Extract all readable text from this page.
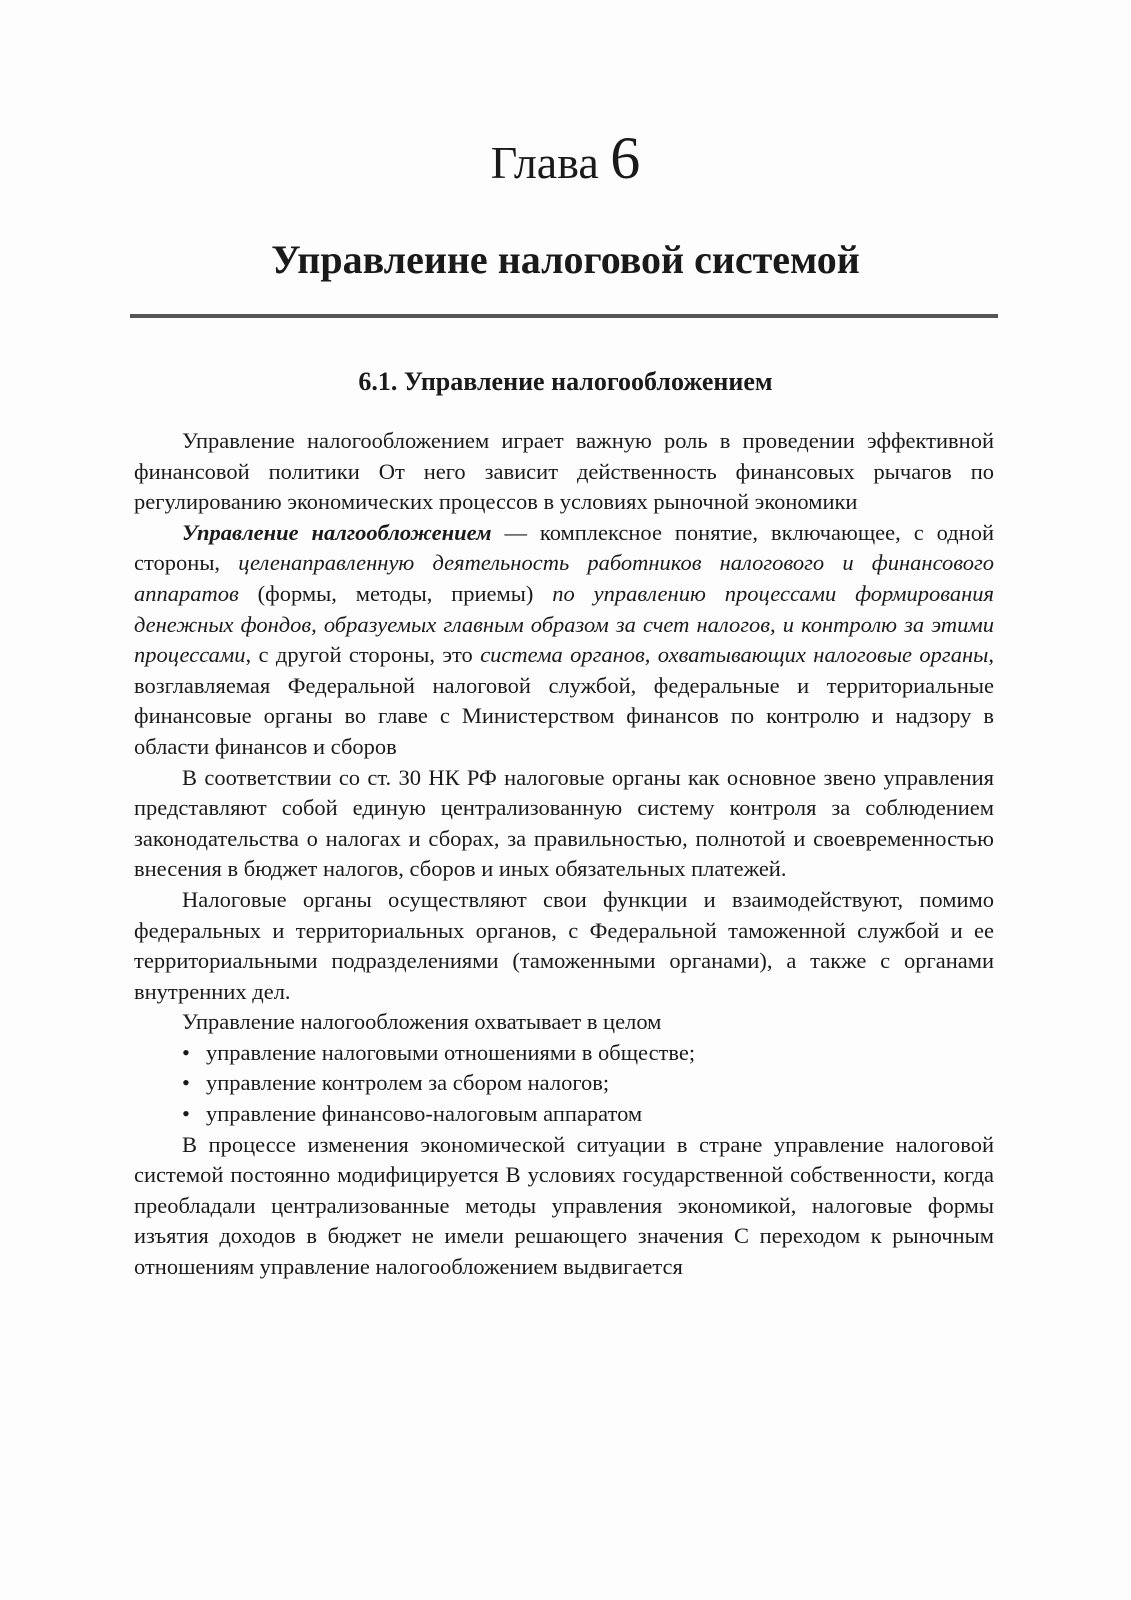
Глава 6
Управлеине налоговой системой
6.1. Управление налогообложением

Управление налогообложением играет важную роль в проведении эффективной финансовой политики От него зависит действенность финансовых рычагов по регулированию экономических процессов в условиях рыночной экономики

Управление налгообложением — комплексное понятие, включающее, с одной стороны, целенаправленную деятельность работников налогового и финансового аппаратов (формы, методы, приемы) по управлению процессами формирования денежных фондов, образуемых главным образом за счет налогов, и контролю за этими процессами, с другой стороны, это система органов, охватывающих налоговые органы, возглавляемая Федеральной налоговой службой, федеральные и территориальные финансовые органы во главе с Министерством финансов по контролю и надзору в области финансов и сборов

В соответствии со ст. 30 НК РФ налоговые органы как основное звено управления представляют собой единую централизованную систему контроля за соблюдением законодательства о налогах и сборах, за правильностью, полнотой и своевременностью внесения в бюджет налогов, сборов и иных обязательных платежей.

Налоговые органы осуществляют свои функции и взаимодействуют, помимо федеральных и территориальных органов, с Федеральной таможенной службой и ее территориальными подразделениями (таможенными органами), а также с органами внутренних дел.

Управление налогообложения охватывает в целом

• управление налоговыми отношениями в обществе;
• управление контролем за сбором налогов;
• управление финансово-налоговым аппаратом

В процессе изменения экономической ситуации в стране управление налоговой системой постоянно модифицируется В условиях государственной собственности, когда преобладали централизованные методы управления экономикой, налоговые формы изъятия доходов в бюджет не имели решающего значения С переходом к рыночным отношениям управление налогообложением выдвигается
